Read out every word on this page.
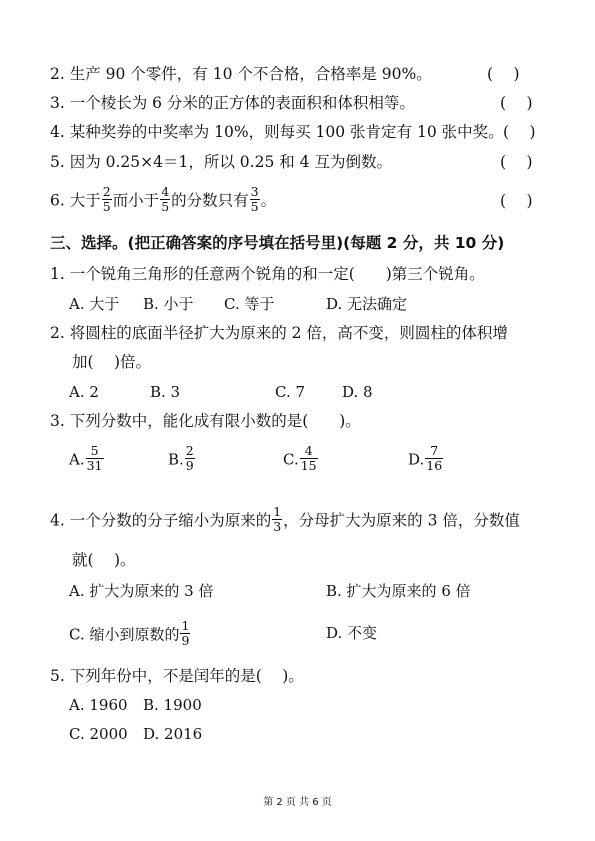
2. 生产 90 个零件，有 10 个不合格，合格率是 90%。	(　 )
3. 一个棱长为 6 分米的正方体的表面积和体积相等。	(　 )
4. 某种奖券的中奖率为 10%，则每买 100 张肯定有 10 张中奖。 (　 )
5. 因为 0.25×4＝1，所以 0.25 和 4 互为倒数。	(　 )
6. 大于 $\frac{2}{5}$ 而小于 $\frac{4}{5}$ 的分数只有 $\frac{3}{5}$ 。	(　 )
三、选择。(把正确答案的序号填在括号里)(每题 2 分，共 10 分)
1. 一个锐角三角形的任意两个锐角的和一定(　　)第三个锐角。
A. 大于 B. 小于 C. 等于	D. 无法确定
2. 将圆柱的底面半径扩大为原来的 2 倍，高不变，则圆柱的体积增
加(　 )倍。
A. 2	B. 3	C. 7 D. 8
3. 下列分数中，能化成有限小数的是(　　)。
A. $\frac{5}{31}$	B. $\frac{2}{9}$	C. $\frac{4}{15}$	D. $\frac{7}{16}$
4. 一个分数的分子缩小为原来的 $\frac{1}{3}$ ，分母扩大为原来的 3 倍，分数值
就(　 )。
A. 扩大为原来的 3 倍	B. 扩大为原来的 6 倍
C. 缩小到原数的 $\frac{1}{9}$	D. 不变
5. 下列年份中，不是闰年的是(　 )。
A. 1960 B. 1900
C. 2000 D. 2016
第 2 页 共 6 页
